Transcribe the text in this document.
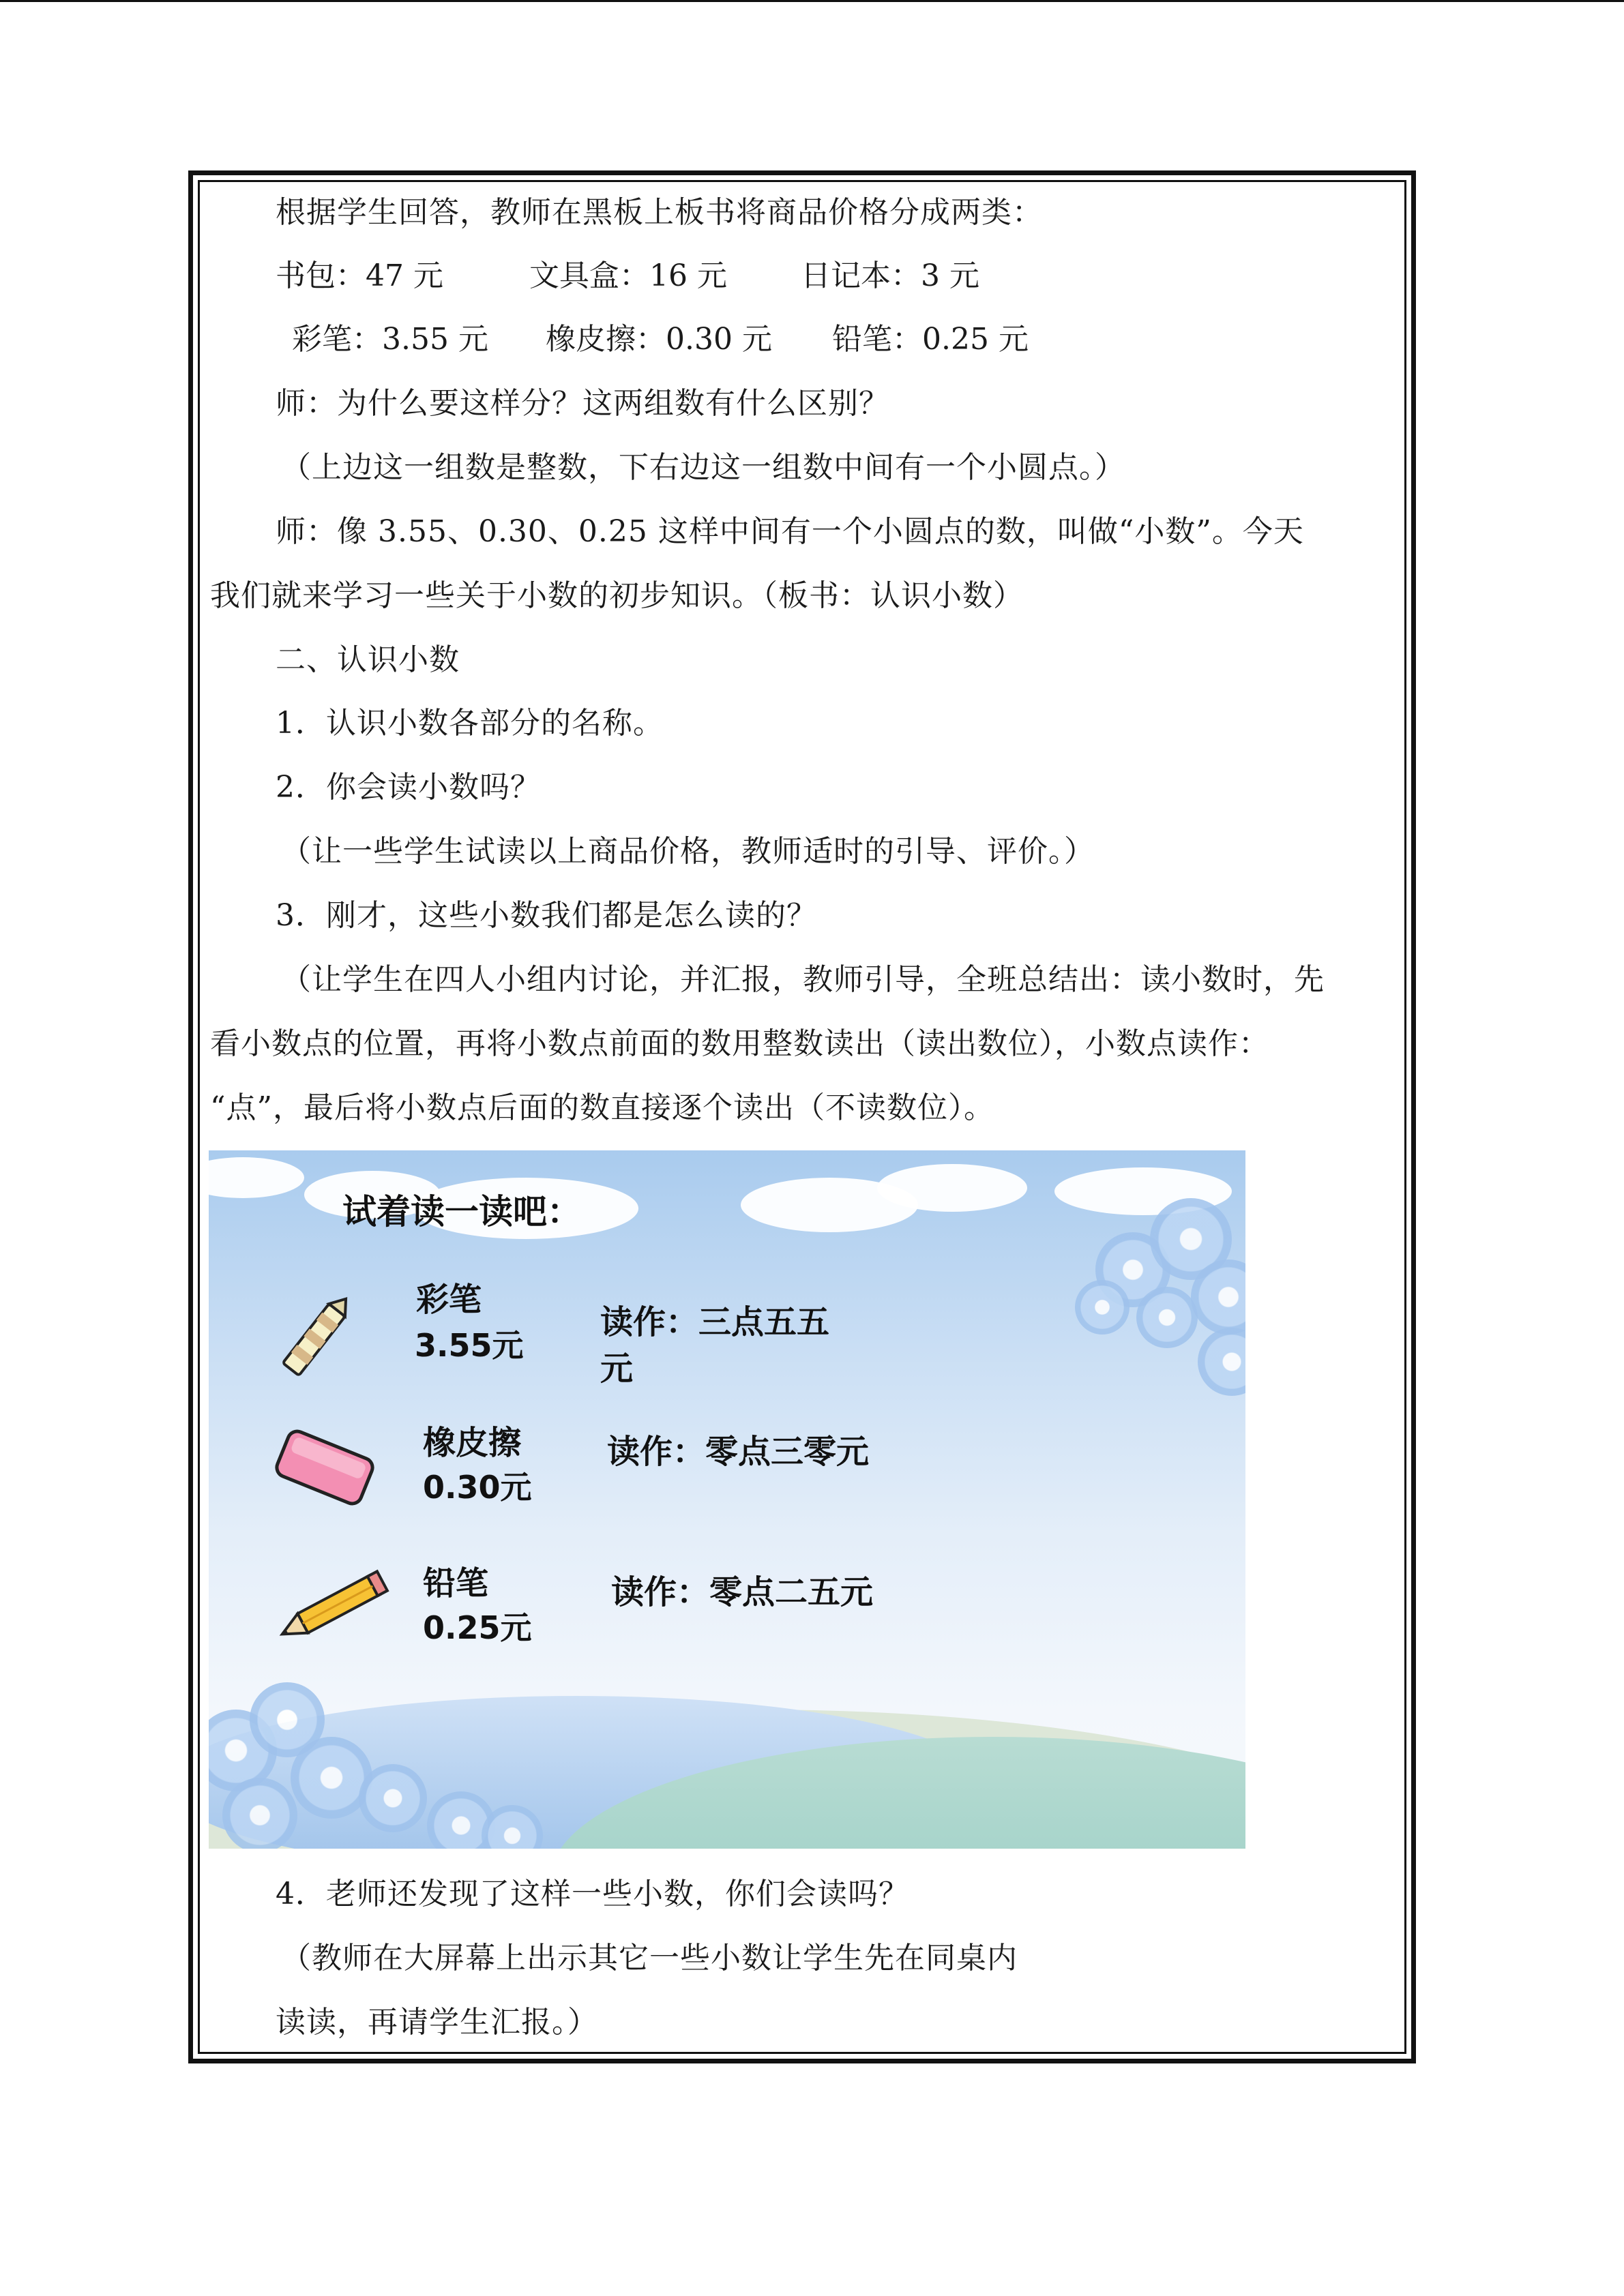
根据学生回答，教师在黑板上板书将商品价格分成两类：
书包：47 元	文具盒：16 元 日记本：3 元
彩笔：3.55 元 橡皮擦：0.30 元 铅笔：0.25 元
师：为什么要这样分？这两组数有什么区别？
（上边这一组数是整数，下右边这一组数中间有一个小圆点。）
师：像 3.55、0.30、0.25 这样中间有一个小圆点的数，叫做“小数”。今天
我们就来学习一些关于小数的初步知识。（板书：认识小数）
二、认识小数
1．认识小数各部分的名称。
2．你会读小数吗？
（让一些学生试读以上商品价格，教师适时的引导、评价。）
3．刚才，这些小数我们都是怎么读的？
（让学生在四人小组内讨论，并汇报，教师引导，全班总结出：读小数时，先
看小数点的位置，再将小数点前面的数用整数读出（读出数位），小数点读作：
“点”，最后将小数点后面的数直接逐个读出（不读数位）。
试着读一读吧：
彩笔
3.55元
读作：三点五五
元
橡皮擦
0.30元
读作：零点三零元
铅笔
0.25元
读作：零点二五元
4．老师还发现了这样一些小数，你们会读吗？
（教师在大屏幕上出示其它一些小数让学生先在同桌内
读读，再请学生汇报。）
